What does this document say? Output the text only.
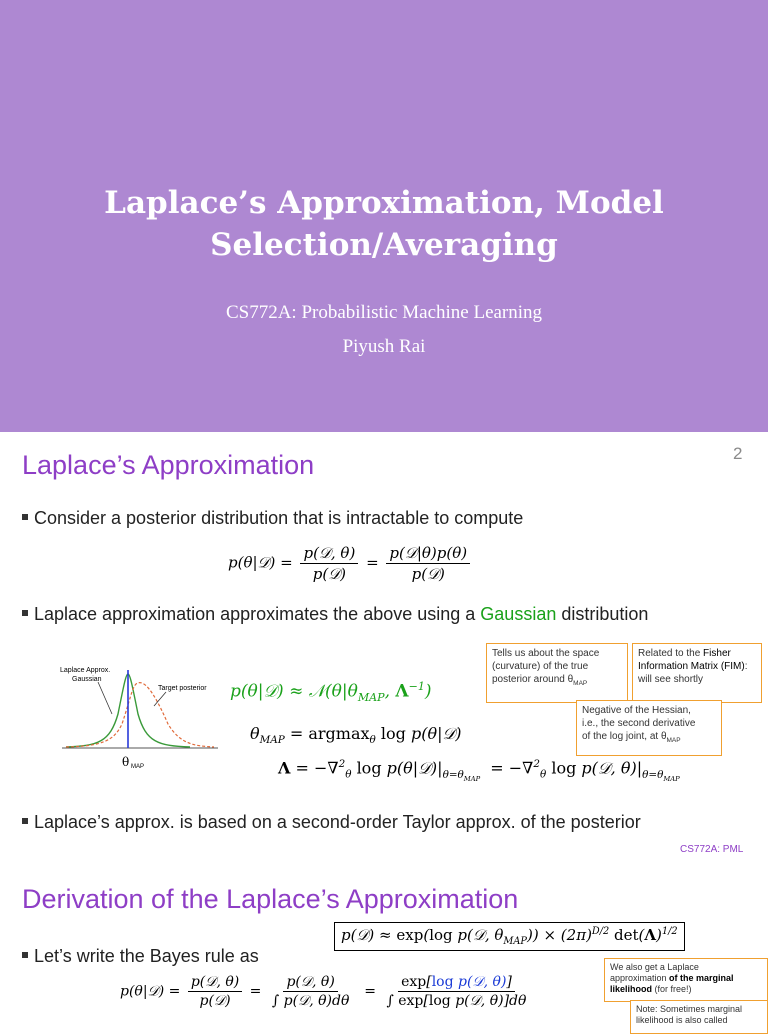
Laplace’s Approximation, Model
Selection/Averaging
CS772A: Probabilistic Machine Learning
Piyush Rai
Laplace’s Approximation	2
Consider a posterior distribution that is intractable to compute
p(θ|𝒟) = $\frac{\text{p(𝒟, θ)}}{\text{p(𝒟)}} = \frac{\text{p(𝒟|θ)p(θ)}}{\text{p(𝒟)}}$
Laplace approximation approximates the above using a Gaussian distribution
Laplace Approx.
Gaussian
Target posterior
θ MAP
p(θ|𝒟) ≈ $𝒩(\theta|\theta_{MAP}$, $\Lambda^{-1}$)
$\theta_{MAP} = argmax_\theta$ log p(θ|𝒟)
Λ = −∇$^2_\theta$ $\log p(\theta|𝒟)|_{\theta=\theta_{MAP}} = -\nabla^2_\theta$ log p(𝒟, $\theta)|_{\theta=\theta_{MAP}}$
Tells us about the space
(curvature) of the true
posterior around $\theta_{MAP}$
Related to the Fisher Information Matrix (FIM): will see shortly
Negative of the Hessian,
i.e., the second derivative
of the log joint, at $\theta_{MAP}$
Laplace’s approx. is based on a second-order Taylor approx. of the posterior
CS772A: PML
Derivation of the Laplace’s Approximation
p(𝒟) ≈ exp(log p(𝒟, $\theta_{MAP})) \times (2\pi)^{D/2}$ $\det(\Lambda)^{1/2}$
Let’s write the Bayes rule as
p(θ|𝒟) = $\frac{\text{p(𝒟, θ)}}{\text{p(𝒟)}} = \frac{\text{p(𝒟, θ)}}{\text{∫ p(𝒟, θ)dθ}} = \frac{\text{exp[log p(𝒟, θ)]}}{\text{∫ exp[log p(𝒟, θ)]dθ}}$
We also get a Laplace
approximation of the marginal
likelihood (for free!)
Note: Sometimes marginal
likelihood is also called
